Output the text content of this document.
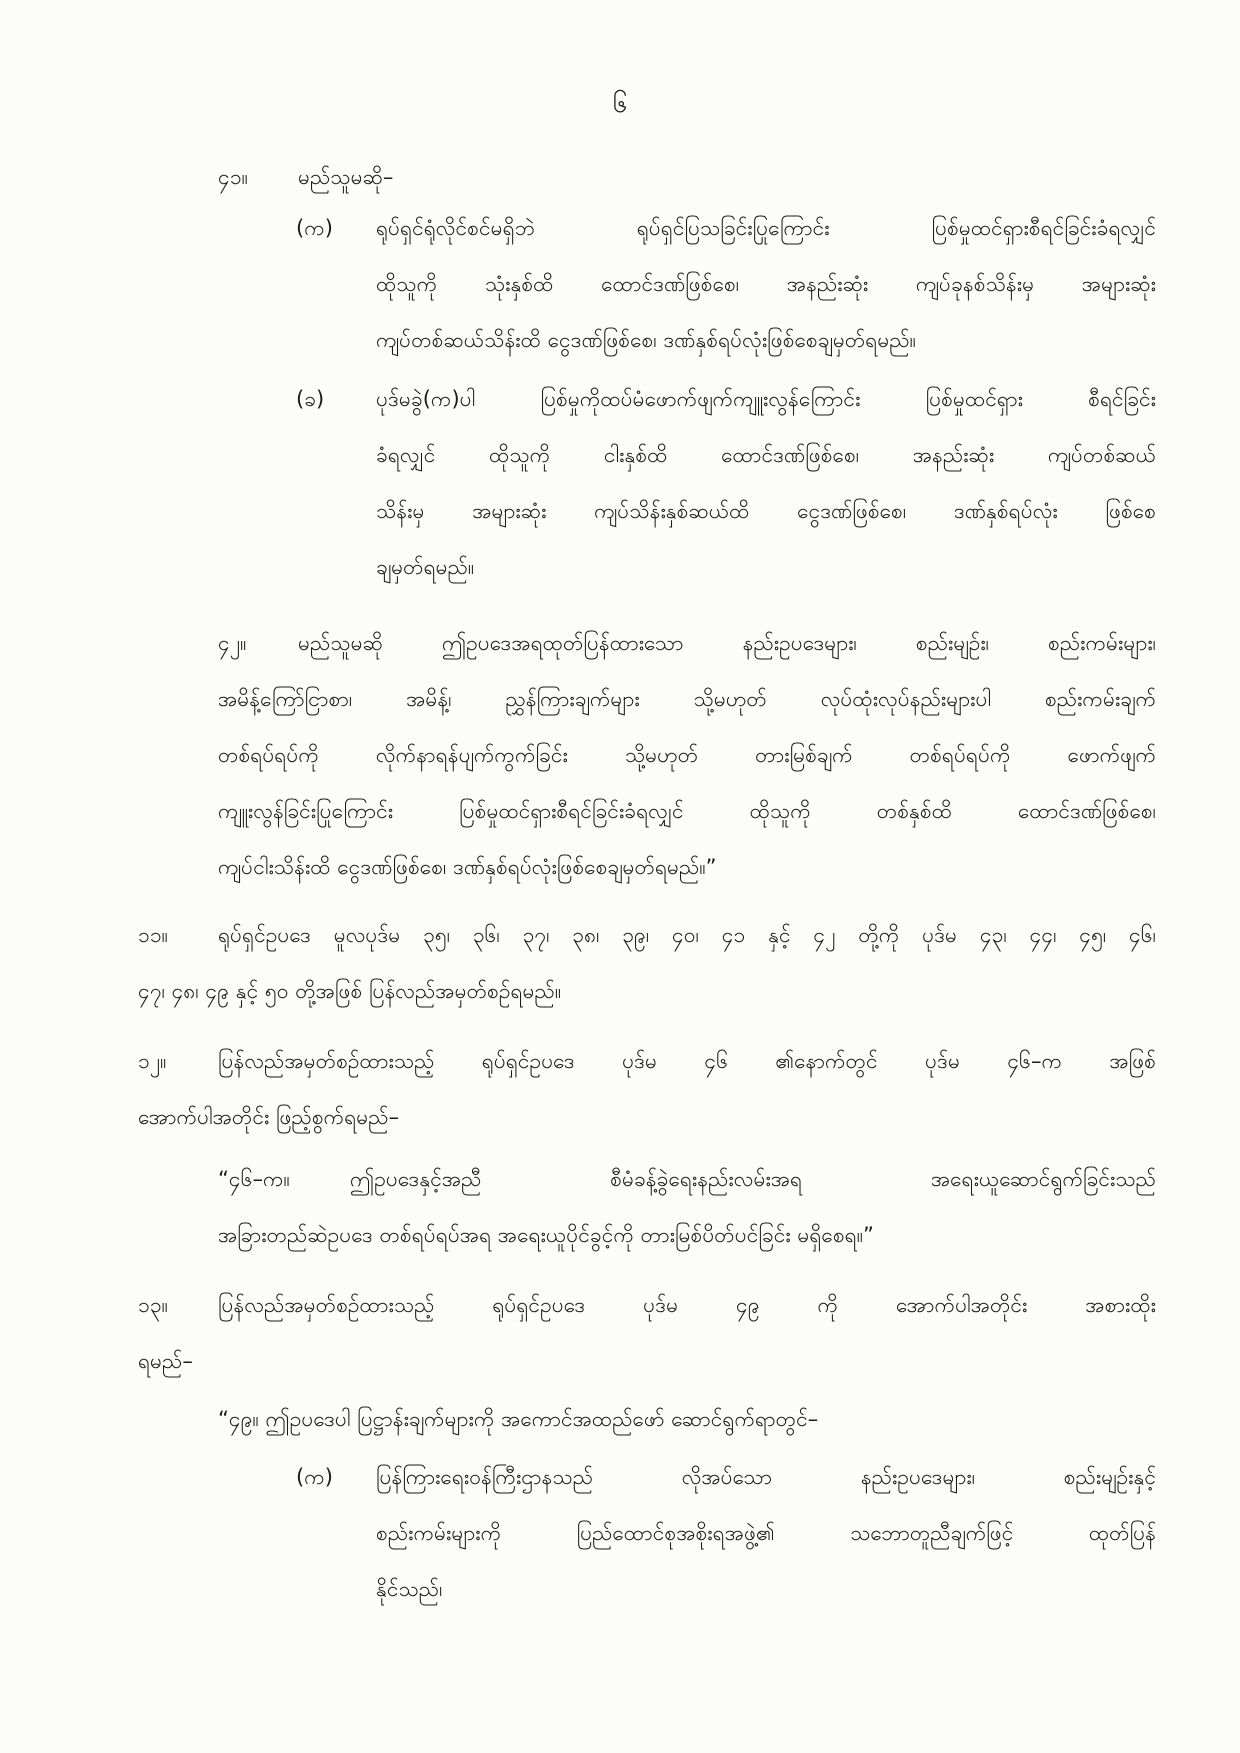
၆
၄၁။ မည်သူမဆို–
(က) ရုပ်ရှင်ရုံလိုင်စင်မရှိဘဲ ရုပ်ရှင်ပြသခြင်းပြုကြောင်း ပြစ်မှုထင်ရှားစီရင်ခြင်းခံရလျှင်
ထိုသူကို သုံးနှစ်ထိ ထောင်ဒဏ်ဖြစ်စေ၊ အနည်းဆုံး ကျပ်ခုနစ်သိန်းမှ အများဆုံး
ကျပ်တစ်ဆယ်သိန်းထိ ငွေဒဏ်ဖြစ်စေ၊ ဒဏ်နှစ်ရပ်လုံးဖြစ်စေချမှတ်ရမည်။
(ခ) ပုဒ်မခွဲ(က)ပါ ပြစ်မှုကိုထပ်မံဖောက်ဖျက်ကျူးလွန်ကြောင်း ပြစ်မှုထင်ရှား စီရင်ခြင်း
ခံရလျှင် ထိုသူကို ငါးနှစ်ထိ ထောင်ဒဏ်ဖြစ်စေ၊ အနည်းဆုံး ကျပ်တစ်ဆယ်
သိန်းမှ အများဆုံး ကျပ်သိန်းနှစ်ဆယ်ထိ ငွေဒဏ်ဖြစ်စေ၊ ဒဏ်နှစ်ရပ်လုံး ဖြစ်စေ
ချမှတ်ရမည်။
၄၂။ မည်သူမဆို ဤဥပဒေအရထုတ်ပြန်ထားသော နည်းဥပဒေများ၊ စည်းမျဉ်း၊ စည်းကမ်းများ၊
အမိန့်ကြော်ငြာစာ၊ အမိန့်၊ ညွှန်ကြားချက်များ သို့မဟုတ် လုပ်ထုံးလုပ်နည်းများပါ စည်းကမ်းချက်
တစ်ရပ်ရပ်ကို လိုက်နာရန်ပျက်ကွက်ခြင်း သို့မဟုတ် တားမြစ်ချက် တစ်ရပ်ရပ်ကို ဖောက်ဖျက်
ကျူးလွန်ခြင်းပြုကြောင်း ပြစ်မှုထင်ရှားစီရင်ခြင်းခံရလျှင် ထိုသူကို တစ်နှစ်ထိ ထောင်ဒဏ်ဖြစ်စေ၊
ကျပ်ငါးသိန်းထိ ငွေဒဏ်ဖြစ်စေ၊ ဒဏ်နှစ်ရပ်လုံးဖြစ်စေချမှတ်ရမည်။”
၁၁။ ရုပ်ရှင်ဥပဒေ မူလပုဒ်မ ၃၅၊ ၃၆၊ ၃၇၊ ၃၈၊ ၃၉၊ ၄၀၊ ၄၁ နှင့် ၄၂ တို့ကို ပုဒ်မ ၄၃၊ ၄၄၊ ၄၅၊ ၄၆၊
၄၇၊ ၄၈၊ ၄၉ နှင့် ၅၀ တို့အဖြစ် ပြန်လည်အမှတ်စဉ်ရမည်။
၁၂။ ပြန်လည်အမှတ်စဉ်ထားသည့် ရုပ်ရှင်ဥပဒေ ပုဒ်မ ၄၆ ၏နောက်တွင် ပုဒ်မ ၄၆–က အဖြစ်
အောက်ပါအတိုင်း ဖြည့်စွက်ရမည်–
“၄၆–က။	ဤဥပဒေနှင့်အညီ စီမံခန့်ခွဲရေးနည်းလမ်းအရ အရေးယူဆောင်ရွက်ခြင်းသည်
အခြားတည်ဆဲဥပဒေ တစ်ရပ်ရပ်အရ အရေးယူပိုင်ခွင့်ကို တားမြစ်ပိတ်ပင်ခြင်း မရှိစေရ။”
၁၃။ ပြန်လည်အမှတ်စဉ်ထားသည့် ရုပ်ရှင်ဥပဒေ ပုဒ်မ ၄၉ ကို အောက်ပါအတိုင်း အစားထိုး
ရမည်–
“၄၉။ ဤဥပဒေပါ ပြဋ္ဌာန်းချက်များကို အကောင်အထည်ဖော် ဆောင်ရွက်ရာတွင်–
(က) ပြန်ကြားရေးဝန်ကြီးဌာနသည် လိုအပ်သော နည်းဥပဒေများ၊ စည်းမျဉ်းနှင့်
စည်းကမ်းများကို ပြည်ထောင်စုအစိုးရအဖွဲ့၏ သဘောတူညီချက်ဖြင့် ထုတ်ပြန်
နိုင်သည်၊
